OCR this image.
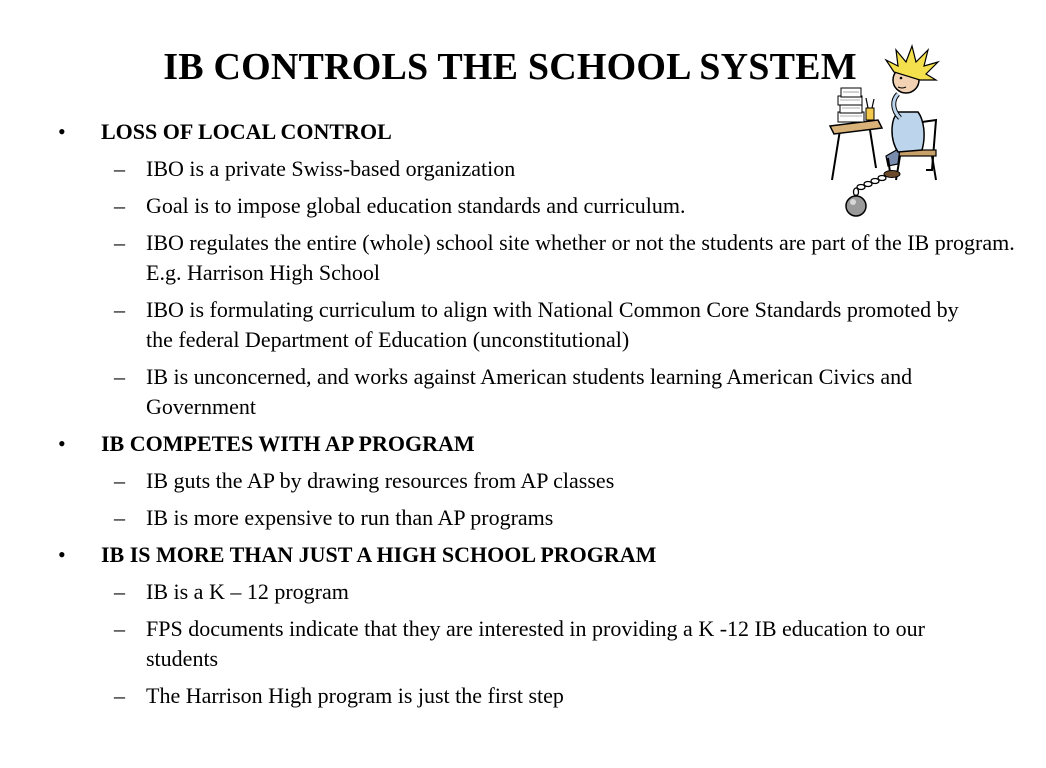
IB CONTROLS THE SCHOOL SYSTEM
•	LOSS OF LOCAL CONTROL
– IBO is a private Swiss-based organization
– Goal is to impose global education standards and curriculum.
– IBO regulates the entire (whole) school site whether or not the students are part of the IB program.  E.g. Harrison High School
– IBO is formulating curriculum to align with National Common Core Standards promoted by the federal Department of Education (unconstitutional)
– IB is unconcerned, and works against American students learning American Civics and Government
•	IB COMPETES WITH AP PROGRAM
– IB guts the AP by drawing resources from AP classes
– IB is more expensive to run than AP programs
•	IB IS MORE THAN JUST A HIGH SCHOOL PROGRAM
– IB is a K – 12 program
– FPS documents indicate that they are interested in providing a K -12 IB education to our students
– The Harrison High program is just the first step
